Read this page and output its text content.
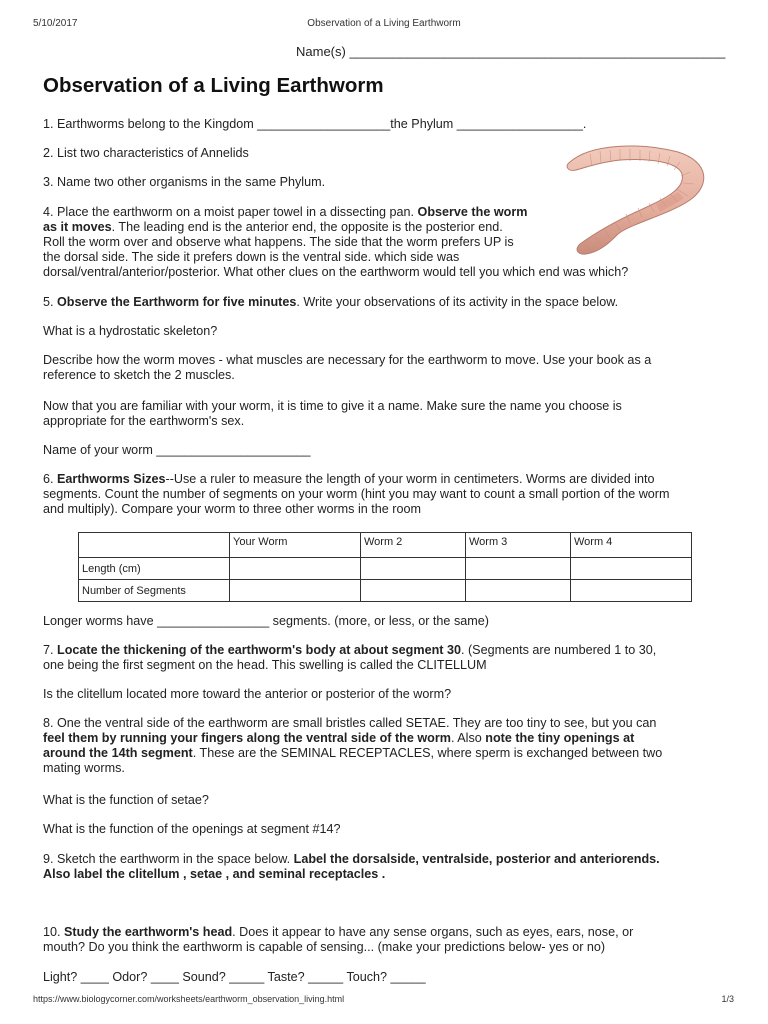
5/10/2017	Observation of a Living Earthworm
Name(s) ____________________________________________________
Observation of a Living Earthworm

1. Earthworms belong to the Kingdom ___________________the Phylum __________________.

2. List two characteristics of Annelids

3. Name two other organisms in the same Phylum.

4. Place the earthworm on a moist paper towel in a dissecting pan. Observe the worm
as it moves. The leading end is the anterior end, the opposite is the posterior end.
Roll the worm over and observe what happens. The side that the worm prefers UP is
the dorsal side. The side it prefers down is the ventral side. which side was
dorsal/ventral/anterior/posterior. What other clues on the earthworm would tell you which end was which?

5. Observe the Earthworm for five minutes. Write your observations of its activity in the space below.

What is a hydrostatic skeleton?

Describe how the worm moves - what muscles are necessary for the earthworm to move. Use your book as a
reference to sketch the 2 muscles.

Now that you are familiar with your worm, it is time to give it a name. Make sure the name you choose is
appropriate for the earthworm's sex.

Name of your worm ______________________

6. Earthworms Sizes--Use a ruler to measure the length of your worm in centimeters. Worms are divided into
segments. Count the number of segments on your worm (hint you may want to count a small portion of the worm
and multiply). Compare your worm to three other worms in the room

	Your Worm	Worm 2	Worm 3	Worm 4
Length (cm)				
Number of Segments				

Longer worms have ________________ segments. (more, or less, or the same)

7. Locate the thickening of the earthworm's body at about segment 30. (Segments are numbered 1 to 30,
one being the first segment on the head. This swelling is called the CLITELLUM

Is the clitellum located more toward the anterior or posterior of the worm?

8. One the ventral side of the earthworm are small bristles called SETAE. They are too tiny to see, but you can
feel them by running your fingers along the ventral side of the worm. Also note the tiny openings at
around the 14th segment. These are the SEMINAL RECEPTACLES, where sperm is exchanged between two
mating worms.

What is the function of setae?

What is the function of the openings at segment #14?

9. Sketch the earthworm in the space below. Label the dorsalside, ventralside, posterior and anteriorends.
Also label the clitellum , setae , and seminal receptacles .

10. Study the earthworm's head. Does it appear to have any sense organs, such as eyes, ears, nose, or
mouth? Do you think the earthworm is capable of sensing... (make your predictions below- yes or no)

Light? ____ Odor? ____ Sound? _____ Taste? _____ Touch? _____

https://www.biologycorner.com/worksheets/earthworm_observation_living.html	1/3
